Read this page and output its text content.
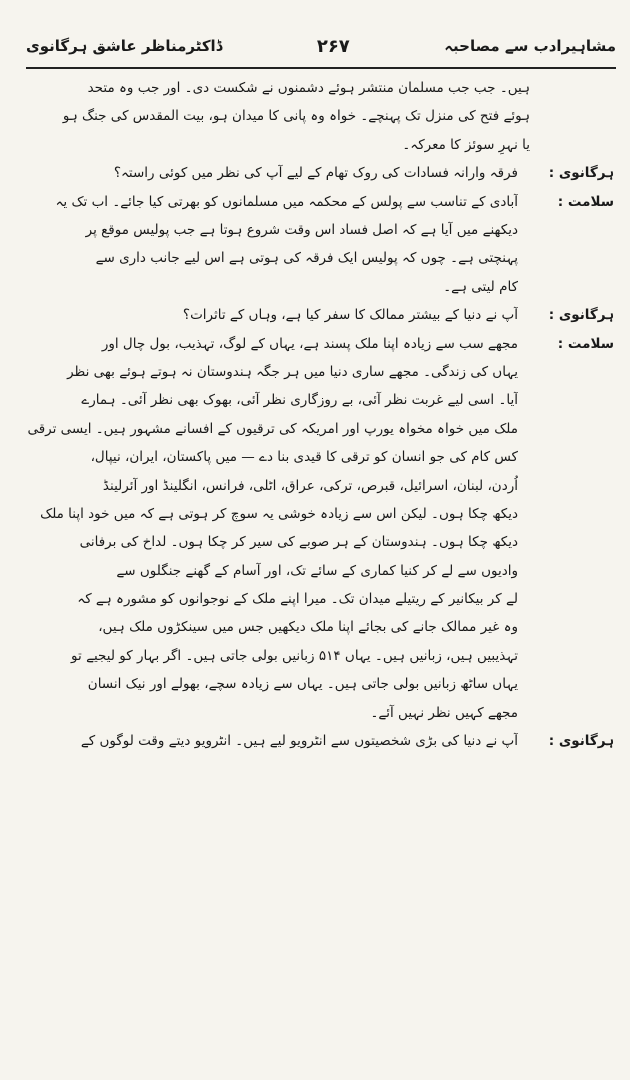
مشاہیرادب سے مصاحبہ
۲۶۷
ڈاکٹرمناظر عاشق ہرگانوی
ہیں۔ جب جب مسلمان منتشر ہوئے دشمنوں نے شکست دی۔ اور جب وہ متحد
ہوئے فتح کی منزل تک پہنچے۔ خواہ وہ پانی کا میدان ہو، بیت المقدس کی جنگ ہو
یا نہرِ سوئز کا معرکہ۔
ہرگانوی :
فرقہ وارانہ فسادات کی روک تھام کے لیے آپ کی نظر میں کوئی راستہ؟
سلامت :
آبادی کے تناسب سے پولس کے محکمہ میں مسلمانوں کو بھرتی کیا جائے۔ اب تک یہ
دیکھنے میں آیا ہے کہ اصل فساد اس وقت شروع ہوتا ہے جب پولیس موقع پر
پہنچتی ہے۔ چوں کہ پولیس ایک فرقہ کی ہوتی ہے اس لیے جانب داری سے
کام لیتی ہے۔
ہرگانوی :
آپ نے دنیا کے بیشتر ممالک کا سفر کیا ہے، وہاں کے تاثرات؟
سلامت :
مجھے سب سے زیادہ اپنا ملک پسند ہے، یہاں کے لوگ، تہذیب، بول چال اور
یہاں کی زندگی۔ مجھے ساری دنیا میں ہر جگہ ہندوستان نہ ہوتے ہوئے بھی نظر
آیا۔ اسی لیے غربت نظر آئی، بے روزگاری نظر آئی، بھوک بھی نظر آئی۔ ہمارے
ملک میں خواہ مخواہ یورپ اور امریکہ کی ترقیوں کے افسانے مشہور ہیں۔ ایسی ترقی
کس کام کی جو انسان کو ترقی کا قیدی بنا دے — میں پاکستان، ایران، نیپال،
اُردن، لبنان، اسرائیل، قبرص، ترکی، عراق، اٹلی، فرانس، انگلینڈ اور آئرلینڈ
دیکھ چکا ہوں۔ لیکن اس سے زیادہ خوشی یہ سوچ کر ہوتی ہے کہ میں خود اپنا ملک
دیکھ چکا ہوں۔ ہندوستان کے ہر صوبے کی سیر کر چکا ہوں۔ لداخ کی برفانی
وادیوں سے لے کر کنیا کماری کے سائے تک، اور آسام کے گھنے جنگلوں سے
لے کر بیکانیر کے ریتیلے میدان تک۔ میرا اپنے ملک کے نوجوانوں کو مشورہ ہے کہ
وہ غیر ممالک جانے کی بجائے اپنا ملک دیکھیں جس میں سینکڑوں ملک ہیں،
تہذیبیں ہیں، زبانیں ہیں۔ یہاں ۵۱۴ زبانیں بولی جاتی ہیں۔ اگر بہار کو لیجیے تو
یہاں ساٹھ زبانیں بولی جاتی ہیں۔ یہاں سے زیادہ سچے، بھولے اور نیک انسان
مجھے کہیں نظر نہیں آئے۔
ہرگانوی :
آپ نے دنیا کی بڑی شخصیتوں سے انٹرویو لیے ہیں۔ انٹرویو دیتے وقت لوگوں کے
